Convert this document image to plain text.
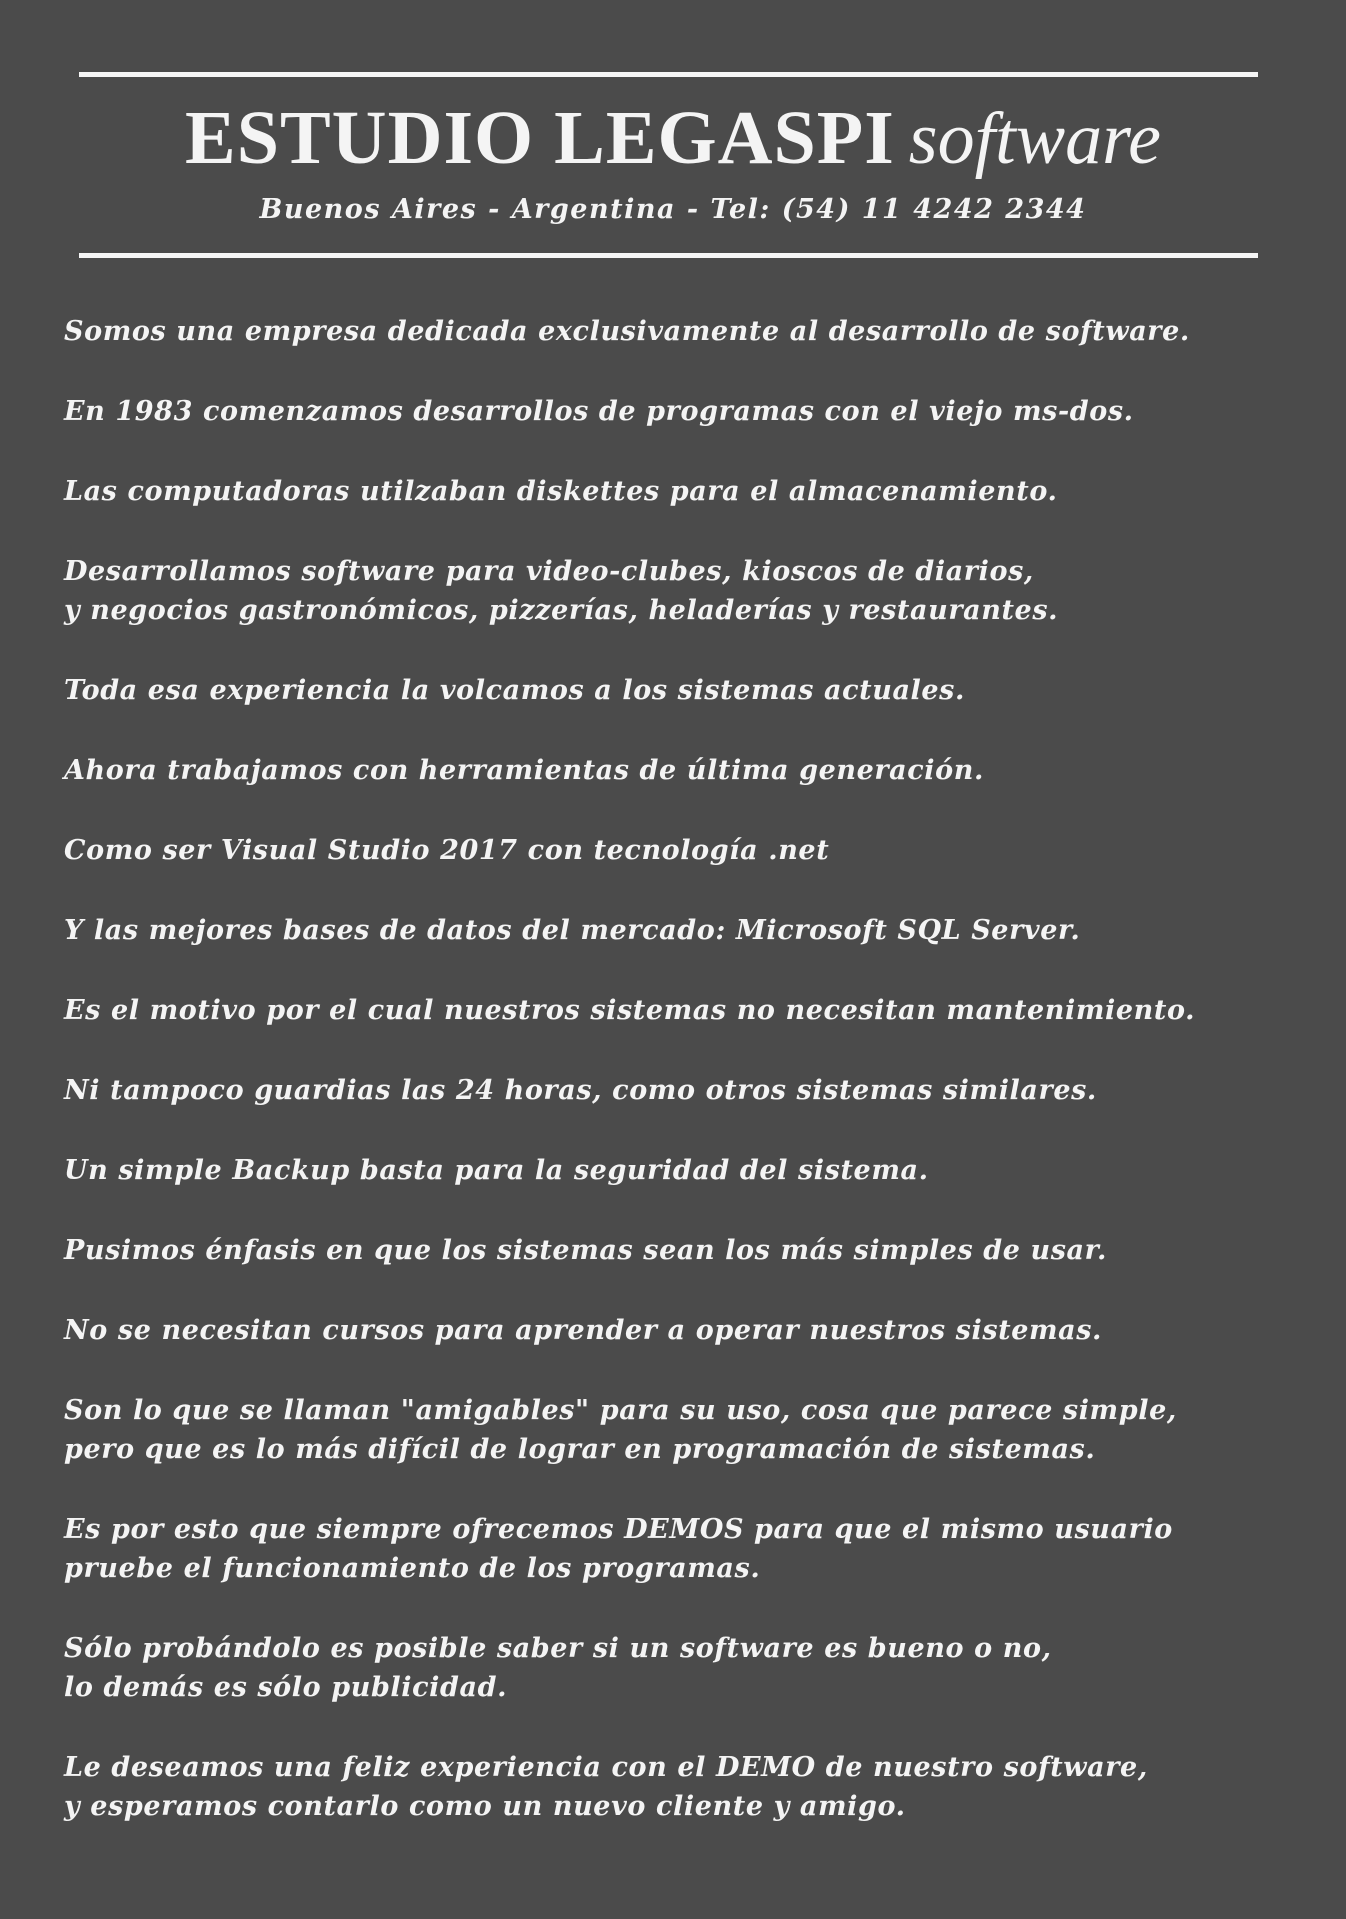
ESTUDIO LEGASPI software
Buenos Aires - Argentina - Tel: (54) 11 4242 2344

Somos una empresa dedicada exclusivamente al desarrollo de software.

En 1983 comenzamos desarrollos de programas con el viejo ms-dos.

Las computadoras utilzaban diskettes para el almacenamiento.

Desarrollamos software para video-clubes, kioscos de diarios,
y negocios gastronómicos, pizzerías, heladerías y restaurantes.

Toda esa experiencia la volcamos a los sistemas actuales.

Ahora trabajamos con herramientas de última generación.

Como ser Visual Studio 2017 con tecnología .net

Y las mejores bases de datos del mercado: Microsoft SQL Server.

Es el motivo por el cual nuestros sistemas no necesitan mantenimiento.

Ni tampoco guardias las 24 horas, como otros sistemas similares.

Un simple Backup basta para la seguridad del sistema.

Pusimos énfasis en que los sistemas sean los más simples de usar.

No se necesitan cursos para aprender a operar nuestros sistemas.

Son lo que se llaman "amigables" para su uso, cosa que parece simple,
pero que es lo más difícil de lograr en programación de sistemas.

Es por esto que siempre ofrecemos DEMOS para que el mismo usuario
pruebe el funcionamiento de los programas.

Sólo probándolo es posible saber si un software es bueno o no,
lo demás es sólo publicidad.

Le deseamos una feliz experiencia con el DEMO de nuestro software,
y esperamos contarlo como un nuevo cliente y amigo.
